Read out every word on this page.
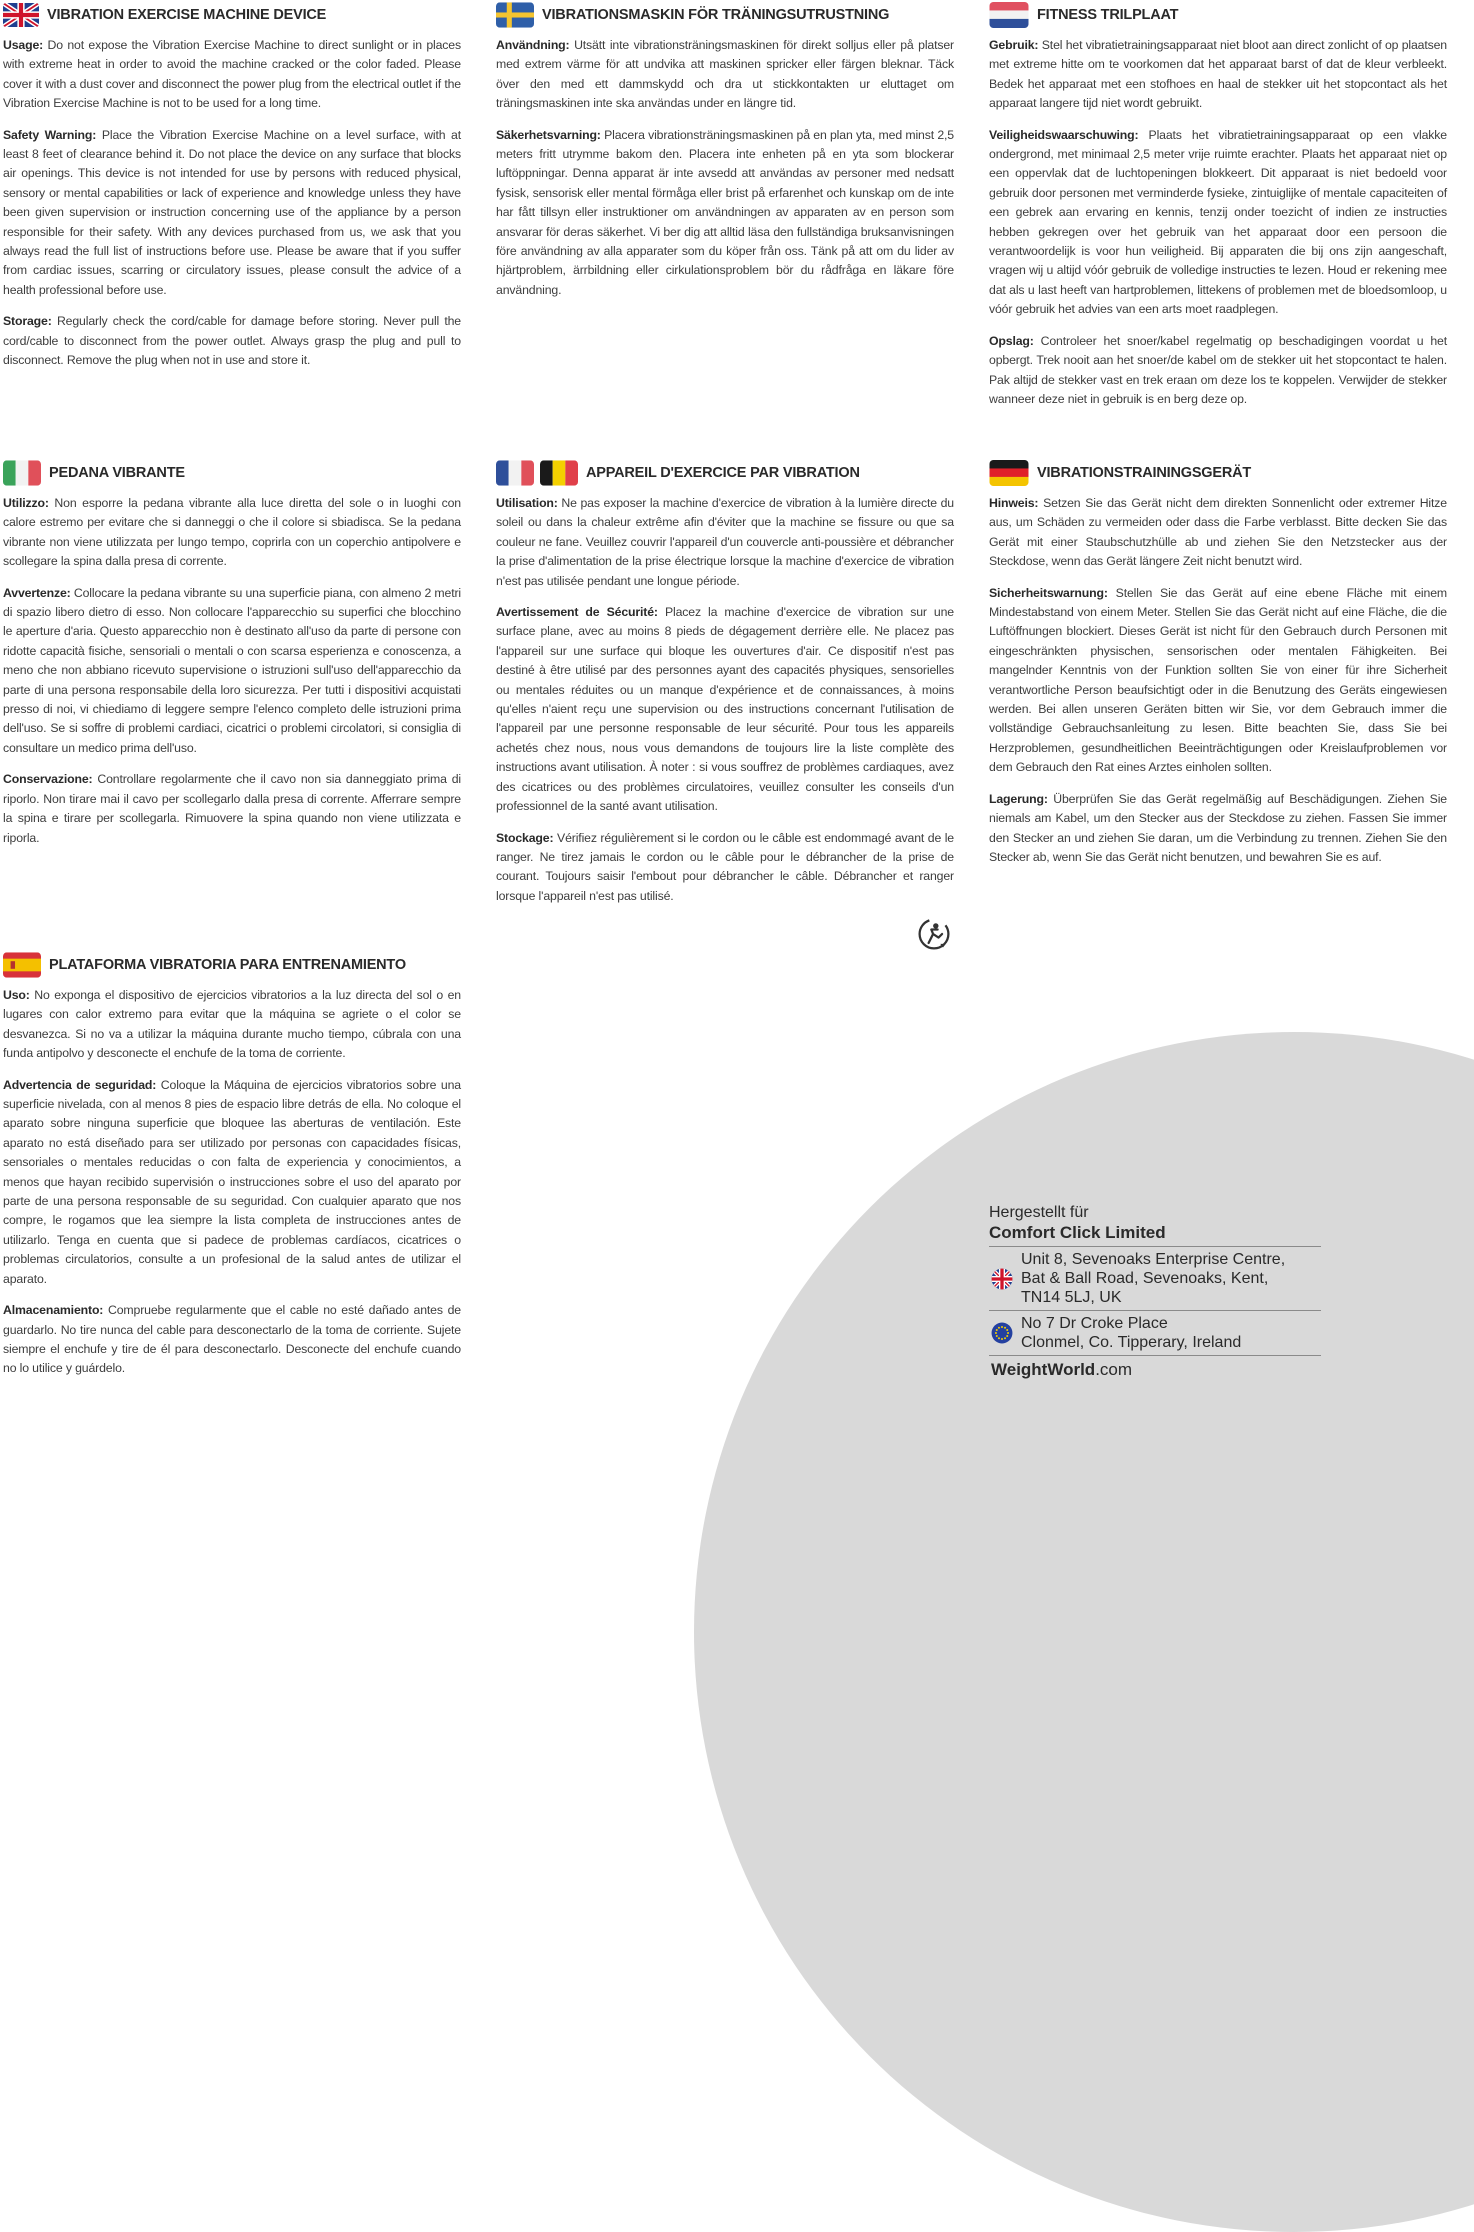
VIBRATION EXERCISE MACHINE DEVICE

Usage: Do not expose the Vibration Exercise Machine to direct sunlight or in places with extreme heat in order to avoid the machine cracked or the color faded. Please cover it with a dust cover and disconnect the power plug from the electrical outlet if the Vibration Exercise Machine is not to be used for a long time.

Safety Warning: Place the Vibration Exercise Machine on a level surface, with at least 8 feet of clearance behind it. Do not place the device on any surface that blocks air openings. This device is not intended for use by persons with reduced physical, sensory or mental capabilities or lack of experience and knowledge unless they have been given supervision or instruction concerning use of the appliance by a person responsible for their safety. With any devices purchased from us, we ask that you always read the full list of instructions before use. Please be aware that if you suffer from cardiac issues, scarring or circulatory issues, please consult the advice of a health professional before use.

Storage: Regularly check the cord/cable for damage before storing. Never pull the cord/cable to disconnect from the power outlet. Always grasp the plug and pull to disconnect. Remove the plug when not in use and store it.

VIBRATIONSMASKIN FÖR TRÄNINGSUTRUSTNING

Användning: Utsätt inte vibrationsträningsmaskinen för direkt solljus eller på platser med extrem värme för att undvika att maskinen spricker eller färgen bleknar. Täck över den med ett dammskydd och dra ut stickkontakten ur eluttaget om träningsmaskinen inte ska användas under en längre tid.

Säkerhetsvarning: Placera vibrationsträningsmaskinen på en plan yta, med minst 2,5 meters fritt utrymme bakom den. Placera inte enheten på en yta som blockerar luftöppningar. Denna apparat är inte avsedd att användas av personer med nedsatt fysisk, sensorisk eller mental förmåga eller brist på erfarenhet och kunskap om de inte har fått tillsyn eller instruktioner om användningen av apparaten av en person som ansvarar för deras säkerhet. Vi ber dig att alltid läsa den fullständiga bruksanvisningen före användning av alla apparater som du köper från oss. Tänk på att om du lider av hjärtproblem, ärrbildning eller cirkulationsproblem bör du rådfråga en läkare före användning.

FITNESS TRILPLAAT

Gebruik: Stel het vibratietrainingsapparaat niet bloot aan direct zonlicht of op plaatsen met extreme hitte om te voorkomen dat het apparaat barst of dat de kleur verbleekt. Bedek het apparaat met een stofhoes en haal de stekker uit het stopcontact als het apparaat langere tijd niet wordt gebruikt.

Veiligheidswaarschuwing: Plaats het vibratietrainingsapparaat op een vlakke ondergrond, met minimaal 2,5 meter vrije ruimte erachter. Plaats het apparaat niet op een oppervlak dat de luchtopeningen blokkeert. Dit apparaat is niet bedoeld voor gebruik door personen met verminderde fysieke, zintuiglijke of mentale capaciteiten of een gebrek aan ervaring en kennis, tenzij onder toezicht of indien ze instructies hebben gekregen over het gebruik van het apparaat door een persoon die verantwoordelijk is voor hun veiligheid. Bij apparaten die bij ons zijn aangeschaft, vragen wij u altijd vóór gebruik de volledige instructies te lezen. Houd er rekening mee dat als u last heeft van hartproblemen, littekens of problemen met de bloedsomloop, u vóór gebruik het advies van een arts moet raadplegen.

Opslag: Controleer het snoer/kabel regelmatig op beschadigingen voordat u het opbergt. Trek nooit aan het snoer/de kabel om de stekker uit het stopcontact te halen. Pak altijd de stekker vast en trek eraan om deze los te koppelen. Verwijder de stekker wanneer deze niet in gebruik is en berg deze op.

PEDANA VIBRANTE

Utilizzo: Non esporre la pedana vibrante alla luce diretta del sole o in luoghi con calore estremo per evitare che si danneggi o che il colore si sbiadisca. Se la pedana vibrante non viene utilizzata per lungo tempo, coprirla con un coperchio antipolvere e scollegare la spina dalla presa di corrente.

Avvertenze: Collocare la pedana vibrante su una superficie piana, con almeno 2 metri di spazio libero dietro di esso. Non collocare l'apparecchio su superfici che blocchino le aperture d'aria. Questo apparecchio non è destinato all'uso da parte di persone con ridotte capacità fisiche, sensoriali o mentali o con scarsa esperienza e conoscenza, a meno che non abbiano ricevuto supervisione o istruzioni sull'uso dell'apparecchio da parte di una persona responsabile della loro sicurezza. Per tutti i dispositivi acquistati presso di noi, vi chiediamo di leggere sempre l'elenco completo delle istruzioni prima dell'uso. Se si soffre di problemi cardiaci, cicatrici o problemi circolatori, si consiglia di consultare un medico prima dell'uso.

Conservazione: Controllare regolarmente che il cavo non sia danneggiato prima di riporlo. Non tirare mai il cavo per scollegarlo dalla presa di corrente. Afferrare sempre la spina e tirare per scollegarla. Rimuovere la spina quando non viene utilizzata e riporla.

APPAREIL D'EXERCICE PAR VIBRATION

Utilisation: Ne pas exposer la machine d'exercice de vibration à la lumière directe du soleil ou dans la chaleur extrême afin d'éviter que la machine se fissure ou que sa couleur ne fane. Veuillez couvrir l'appareil d'un couvercle anti-poussière et débrancher la prise d'alimentation de la prise électrique lorsque la machine d'exercice de vibration n'est pas utilisée pendant une longue période.

Avertissement de Sécurité: Placez la machine d'exercice de vibration sur une surface plane, avec au moins 8 pieds de dégagement derrière elle. Ne placez pas l'appareil sur une surface qui bloque les ouvertures d'air. Ce dispositif n'est pas destiné à être utilisé par des personnes ayant des capacités physiques, sensorielles ou mentales réduites ou un manque d'expérience et de connaissances, à moins qu'elles n'aient reçu une supervision ou des instructions concernant l'utilisation de l'appareil par une personne responsable de leur sécurité. Pour tous les appareils achetés chez nous, nous vous demandons de toujours lire la liste complète des instructions avant utilisation. À noter : si vous souffrez de problèmes cardiaques, avez des cicatrices ou des problèmes circulatoires, veuillez consulter les conseils d'un professionnel de la santé avant utilisation.

Stockage: Vérifiez régulièrement si le cordon ou le câble est endommagé avant de le ranger. Ne tirez jamais le cordon ou le câble pour le débrancher de la prise de courant. Toujours saisir l'embout pour débrancher le câble. Débrancher et ranger lorsque l'appareil n'est pas utilisé.

VIBRATIONSTRAININGSGERÄT

Hinweis: Setzen Sie das Gerät nicht dem direkten Sonnenlicht oder extremer Hitze aus, um Schäden zu vermeiden oder dass die Farbe verblasst. Bitte decken Sie das Gerät mit einer Staubschutzhülle ab und ziehen Sie den Netzstecker aus der Steckdose, wenn das Gerät längere Zeit nicht benutzt wird.

Sicherheitswarnung: Stellen Sie das Gerät auf eine ebene Fläche mit einem Mindestabstand von einem Meter. Stellen Sie das Gerät nicht auf eine Fläche, die die Luftöffnungen blockiert. Dieses Gerät ist nicht für den Gebrauch durch Personen mit eingeschränkten physischen, sensorischen oder mentalen Fähigkeiten. Bei mangelnder Kenntnis von der Funktion sollten Sie von einer für ihre Sicherheit verantwortliche Person beaufsichtigt oder in die Benutzung des Geräts eingewiesen werden. Bei allen unseren Geräten bitten wir Sie, vor dem Gebrauch immer die vollständige Gebrauchsanleitung zu lesen. Bitte beachten Sie, dass Sie bei Herzproblemen, gesundheitlichen Beeinträchtigungen oder Kreislaufproblemen vor dem Gebrauch den Rat eines Arztes einholen sollten.

Lagerung: Überprüfen Sie das Gerät regelmäßig auf Beschädigungen. Ziehen Sie niemals am Kabel, um den Stecker aus der Steckdose zu ziehen. Fassen Sie immer den Stecker an und ziehen Sie daran, um die Verbindung zu trennen. Ziehen Sie den Stecker ab, wenn Sie das Gerät nicht benutzen, und bewahren Sie es auf.

PLATAFORMA VIBRATORIA PARA ENTRENAMIENTO

Uso: No exponga el dispositivo de ejercicios vibratorios a la luz directa del sol o en lugares con calor extremo para evitar que la máquina se agriete o el color se desvanezca. Si no va a utilizar la máquina durante mucho tiempo, cúbrala con una funda antipolvo y desconecte el enchufe de la toma de corriente.

Advertencia de seguridad: Coloque la Máquina de ejercicios vibratorios sobre una superficie nivelada, con al menos 8 pies de espacio libre detrás de ella. No coloque el aparato sobre ninguna superficie que bloquee las aberturas de ventilación. Este aparato no está diseñado para ser utilizado por personas con capacidades físicas, sensoriales o mentales reducidas o con falta de experiencia y conocimientos, a menos que hayan recibido supervisión o instrucciones sobre el uso del aparato por parte de una persona responsable de su seguridad. Con cualquier aparato que nos compre, le rogamos que lea siempre la lista completa de instrucciones antes de utilizarlo. Tenga en cuenta que si padece de problemas cardíacos, cicatrices o problemas circulatorios, consulte a un profesional de la salud antes de utilizar el aparato.

Almacenamiento: Compruebe regularmente que el cable no esté dañado antes de guardarlo. No tire nunca del cable para desconectarlo de la toma de corriente. Sujete siempre el enchufe y tire de él para desconectarlo. Desconecte del enchufe cuando no lo utilice y guárdelo.

Hergestellt für
Comfort Click Limited
Unit 8, Sevenoaks Enterprise Centre,
Bat & Ball Road, Sevenoaks, Kent,
TN14 5LJ, UK
No 7 Dr Croke Place
Clonmel, Co. Tipperary, Ireland
WeightWorld.com
